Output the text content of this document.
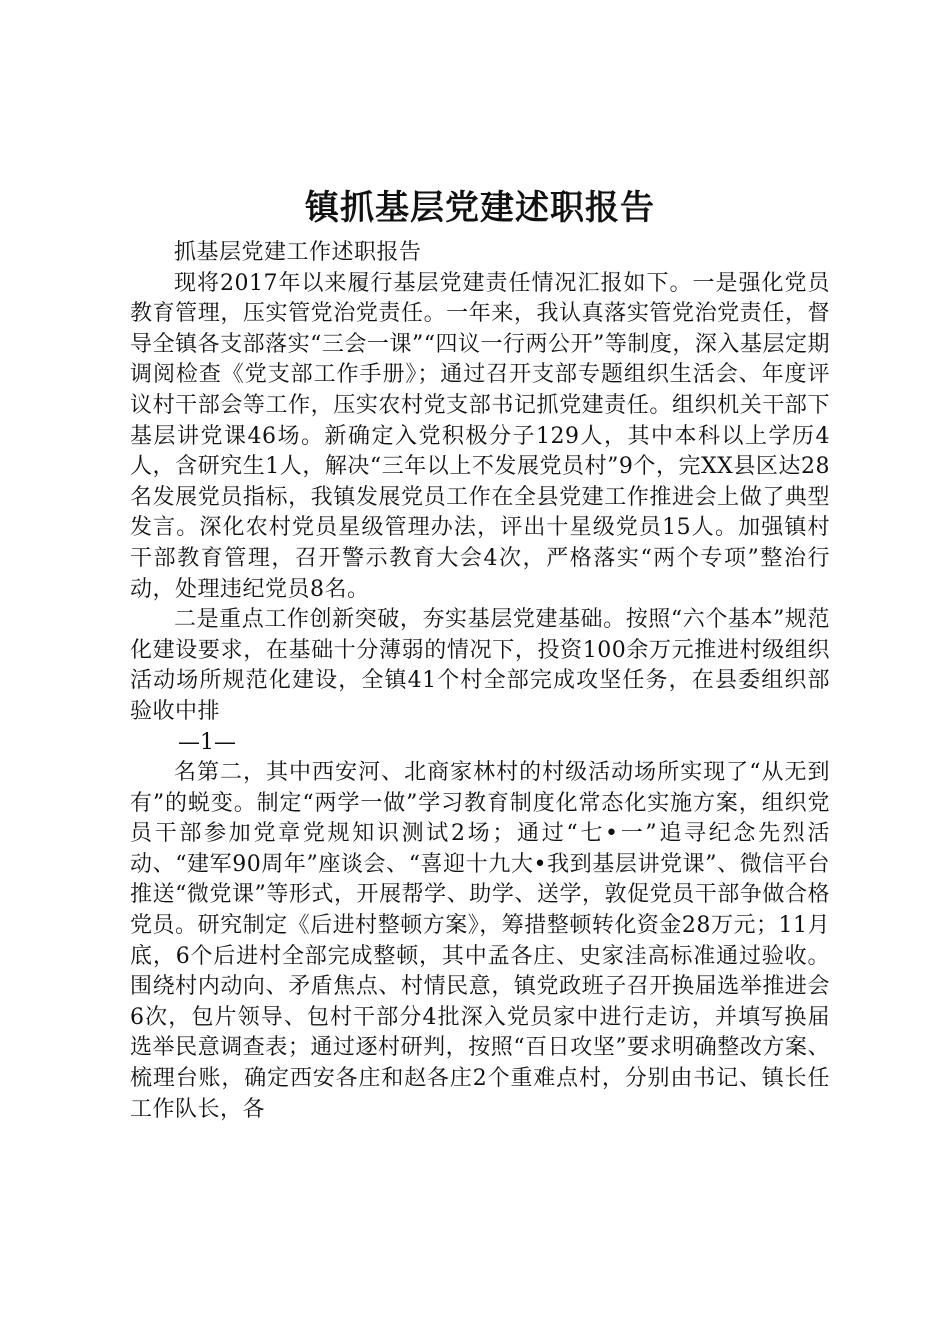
镇抓基层党建述职报告

抓基层党建工作述职报告

现将2017年以来履行基层党建责任情况汇报如下。一是强化党员教育管理，压实管党治党责任。一年来，我认真落实管党治党责任，督导全镇各支部落实“三会一课”“四议一行两公开”等制度，深入基层定期调阅检查《党支部工作手册》；通过召开支部专题组织生活会、年度评议村干部会等工作，压实农村党支部书记抓党建责任。组织机关干部下基层讲党课46场。新确定入党积极分子129人，其中本科以上学历4人，含研究生1人，解决“三年以上不发展党员村”9个，完XX县区达28名发展党员指标，我镇发展党员工作在全县党建工作推进会上做了典型发言。深化农村党员星级管理办法，评出十星级党员15人。加强镇村干部教育管理，召开警示教育大会4次，严格落实“两个专项”整治行动，处理违纪党员8名。

二是重点工作创新突破，夯实基层党建基础。按照“六个基本”规范化建设要求，在基础十分薄弱的情况下，投资100余万元推进村级组织活动场所规范化建设，全镇41个村全部完成攻坚任务，在县委组织部验收中排

—1—

名第二，其中西安河、北商家林村的村级活动场所实现了“从无到有”的蜕变。制定“两学一做”学习教育制度化常态化实施方案，组织党员干部参加党章党规知识测试2场；通过“七•一”追寻纪念先烈活动、“建军90周年”座谈会、“喜迎十九大•我到基层讲党课”、微信平台推送“微党课”等形式，开展帮学、助学、送学，敦促党员干部争做合格党员。研究制定《后进村整顿方案》，筹措整顿转化资金28万元；11月底，6个后进村全部完成整顿，其中孟各庄、史家洼高标准通过验收。围绕村内动向、矛盾焦点、村情民意，镇党政班子召开换届选举推进会6次，包片领导、包村干部分4批深入党员家中进行走访，并填写换届选举民意调查表；通过逐村研判，按照“百日攻坚”要求明确整改方案、梳理台账，确定西安各庄和赵各庄2个重难点村，分别由书记、镇长任工作队长，各
